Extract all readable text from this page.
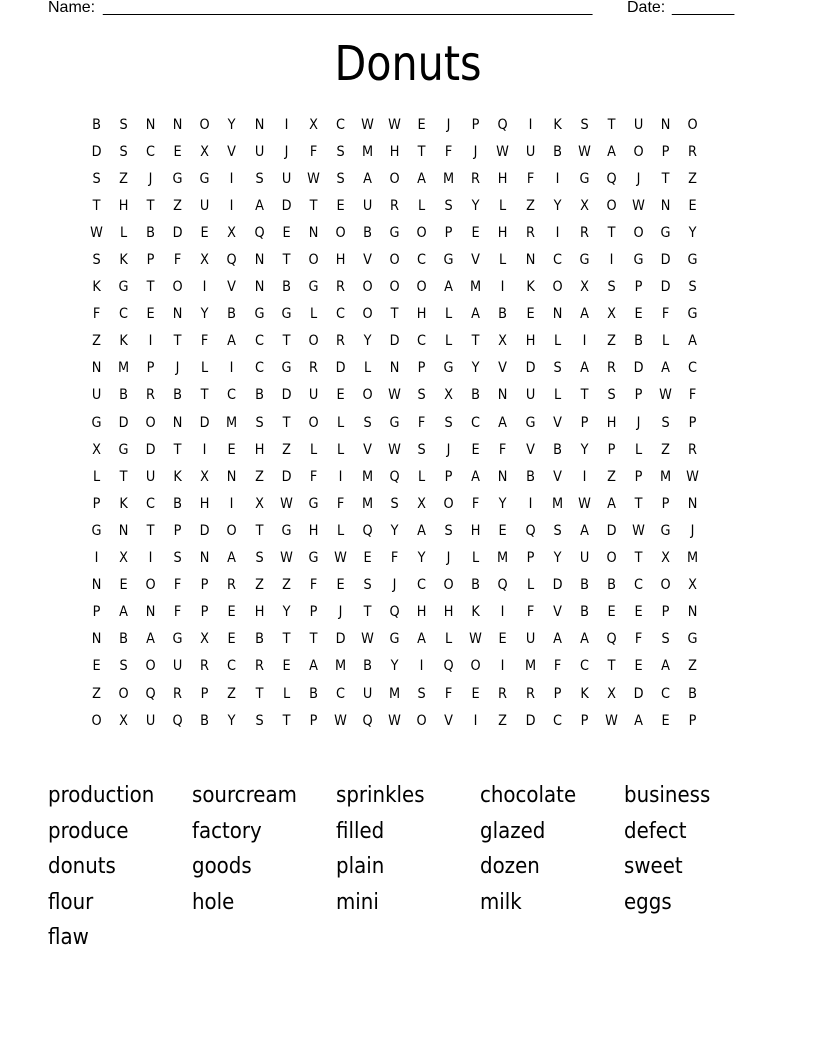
Name: _______________________________________________________ Date: _______
Donuts
B	S	N	N	O	Y	N	I	X	C	W	W	E	J	P	Q	I	K	S	T	U	N	O
D	S	C	E	X	V	U	J	F	S	M	H	T	F	J	W	U	B	W	A	O	P	R
S	Z	J	G	G	I	S	U	W	S	A	O	A	M	R	H	F	I	G	Q	J	T	Z
T	H	T	Z	U	I	A	D	T	E	U	R	L	S	Y	L	Z	Y	X	O	W	N	E
W	L	B	D	E	X	Q	E	N	O	B	G	O	P	E	H	R	I	R	T	O	G	Y
S	K	P	F	X	Q	N	T	O	H	V	O	C	G	V	L	N	C	G	I	G	D	G
K	G	T	O	I	V	N	B	G	R	O	O	O	A	M	I	K	O	X	S	P	D	S
F	C	E	N	Y	B	G	G	L	C	O	T	H	L	A	B	E	N	A	X	E	F	G
Z	K	I	T	F	A	C	T	O	R	Y	D	C	L	T	X	H	L	I	Z	B	L	A
N	M	P	J	L	I	C	G	R	D	L	N	P	G	Y	V	D	S	A	R	D	A	C
U	B	R	B	T	C	B	D	U	E	O	W	S	X	B	N	U	L	T	S	P	W	F
G	D	O	N	D	M	S	T	O	L	S	G	F	S	C	A	G	V	P	H	J	S	P
X	G	D	T	I	E	H	Z	L	L	V	W	S	J	E	F	V	B	Y	P	L	Z	R
L	T	U	K	X	N	Z	D	F	I	M	Q	L	P	A	N	B	V	I	Z	P	M	W
P	K	C	B	H	I	X	W	G	F	M	S	X	O	F	Y	I	M	W	A	T	P	N
G	N	T	P	D	O	T	G	H	L	Q	Y	A	S	H	E	Q	S	A	D	W	G	J
I	X	I	S	N	A	S	W	G	W	E	F	Y	J	L	M	P	Y	U	O	T	X	M
N	E	O	F	P	R	Z	Z	F	E	S	J	C	O	B	Q	L	D	B	B	C	O	X
P	A	N	F	P	E	H	Y	P	J	T	Q	H	H	K	I	F	V	B	E	E	P	N
N	B	A	G	X	E	B	T	T	D	W	G	A	L	W	E	U	A	A	Q	F	S	G
E	S	O	U	R	C	R	E	A	M	B	Y	I	Q	O	I	M	F	C	T	E	A	Z
Z	O	Q	R	P	Z	T	L	B	C	U	M	S	F	E	R	R	P	K	X	D	C	B
O	X	U	Q	B	Y	S	T	P	W	Q	W	O	V	I	Z	D	C	P	W	A	E	P
production	sourcream	sprinkles	chocolate	business
produce	factory	filled	glazed	defect
donuts	goods	plain	dozen	sweet
flour	hole	mini	milk	eggs
flaw
